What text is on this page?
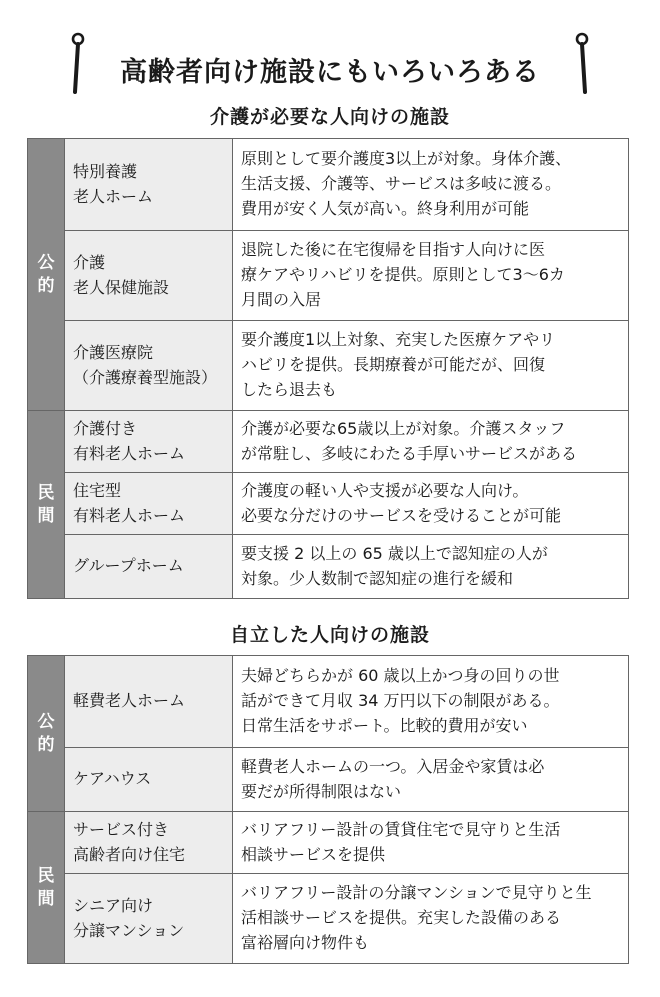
高齢者向け施設にもいろいろある
介護が必要な人向けの施設
公
的	特別養護
老人ホーム	原則として要介護度3以上が対象。身体介護、
生活支援、介護等、サービスは多岐に渡る。
費用が安く人気が高い。終身利用が可能

	介護
老人保健施設	退院した後に在宅復帰を目指す人向けに医
療ケアやリハビリを提供。原則として3～6カ
月間の入居

	介護医療院
（介護療養型施設）	要介護度1以上対象、充実した医療ケアやリ
ハビリを提供。長期療養が可能だが、回復
したら退去も

民
間	介護付き
有料老人ホーム	介護が必要な65歳以上が対象。介護スタッフ
が常駐し、多岐にわたる手厚いサービスがある

	住宅型
有料老人ホーム	介護度の軽い人や支援が必要な人向け。
必要な分だけのサービスを受けることが可能

	グループホーム	要支援 2 以上の 65 歳以上で認知症の人が
対象。少人数制で認知症の進行を緩和
自立した人向けの施設
公
的	軽費老人ホーム	夫婦どちらかが 60 歳以上かつ身の回りの世
話ができて月収 34 万円以下の制限がある。
日常生活をサポート。比較的費用が安い

	ケアハウス	軽費老人ホームの一つ。入居金や家賃は必
要だが所得制限はない

民
間	サービス付き
高齢者向け住宅	バリアフリー設計の賃貸住宅で見守りと生活
相談サービスを提供

	シニア向け
分譲マンション	バリアフリー設計の分譲マンションで見守りと生
活相談サービスを提供。充実した設備のある
富裕層向け物件も
